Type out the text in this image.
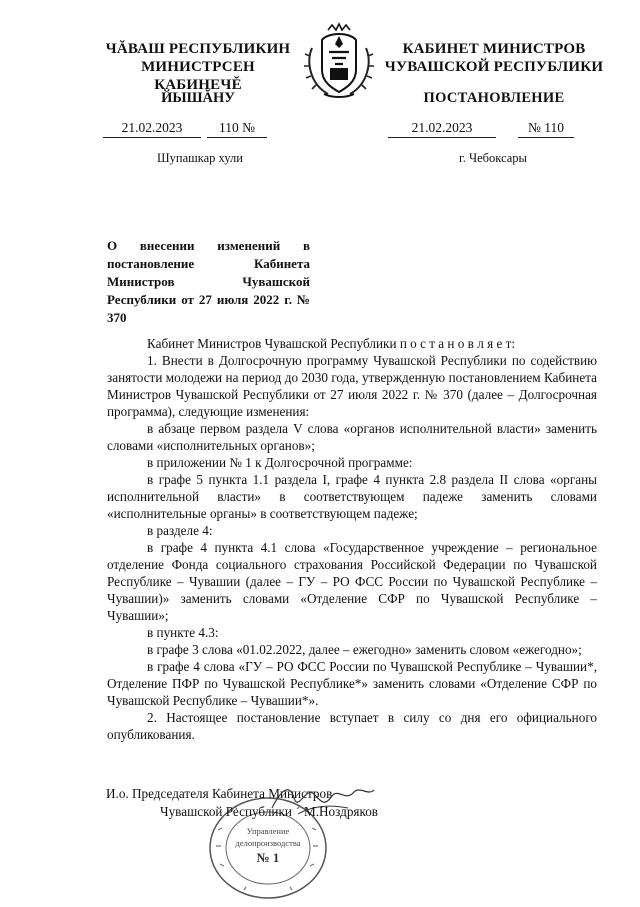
ЧĂВАШ РЕСПУБЛИКИН
МИНИСТРСЕН КАБИНЕЧĔ
КАБИНЕТ МИНИСТРОВ
ЧУВАШСКОЙ РЕСПУБЛИКИ
ЙЫШĂНУ	ПОСТАНОВЛЕНИЕ
21.02.2023	110 №	21.02.2023	№ 110
Шупашкар хули	г. Чебоксары
О внесении изменений в постановление Кабинета Министров Чувашской Республики от 27 июля 2022 г. № 370

Кабинет Министров Чувашской Республики п о с т а н о в л я е т:

1. Внести в Долгосрочную программу Чувашской Республики по содействию занятости молодежи на период до 2030 года, утвержденную постановлением Кабинета Министров Чувашской Республики от 27 июля 2022 г. № 370 (далее – Долгосрочная программа), следующие изменения:

в абзаце первом раздела V слова «органов исполнительной власти» заменить словами «исполнительных органов»;

в приложении № 1 к Долгосрочной программе:

в графе 5 пункта 1.1 раздела I, графе 4 пункта 2.8 раздела II слова «органы исполнительной власти» в соответствующем падеже заменить словами «исполнительные органы» в соответствующем падеже;

в разделе 4:

в графе 4 пункта 4.1 слова «Государственное учреждение – региональное отделение Фонда социального страхования Российской Федерации по Чувашской Республике – Чувашии (далее – ГУ – РО ФСС России по Чувашской Республике – Чувашии)» заменить словами «Отделение СФР по Чувашской Республике – Чувашии»;

в пункте 4.3:

в графе 3 слова «01.02.2022, далее – ежегодно» заменить словом «ежегодно»;

в графе 4 слова «ГУ – РО ФСС России по Чувашской Республике – Чувашии*, Отделение ПФР по Чувашской Республике*» заменить словами «Отделение СФР по Чувашской Республике – Чувашии*».

2. Настоящее постановление вступает в силу со дня его официального опубликования.

Управление
делопроизводства
№ 1
И.о. Председателя Кабинета Министров
Чувашской Республики М.Ноздряков
